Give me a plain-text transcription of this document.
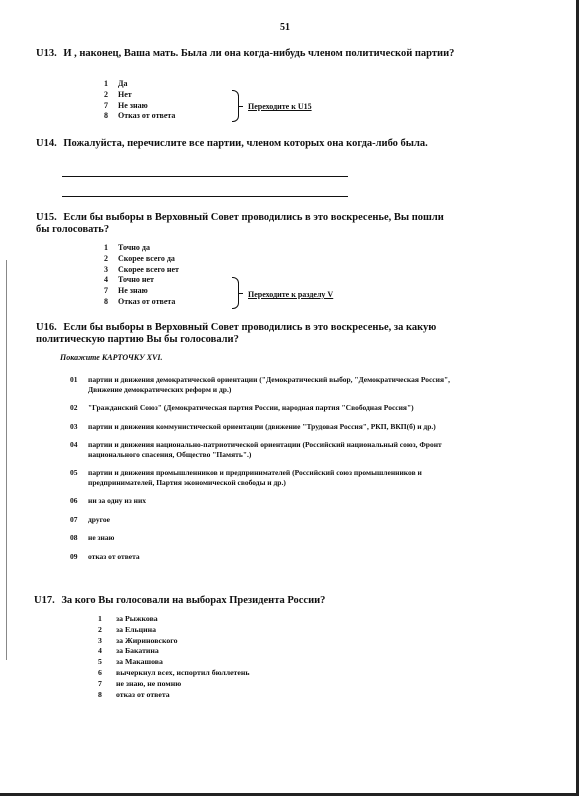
51
U13. И , наконец, Ваша мать. Была ли она когда-нибудь членом политической партии?
1	Да
2	Нет
7	Не знаю
8	Отказ от ответа
Переходите к U15
U14. Пожалуйста, перечислите все партии, членом которых она когда-либо была.
U15. Если бы выборы в Верховный Совет проводились в это воскресенье, Вы пошли бы голосовать?
1	Точно да
2	Скорее всего да
3	Скорее всего нет
4	Точно нет
7	Не знаю
8	Отказ от ответа
Переходите к разделу V
U16. Если бы выборы в Верховный Совет проводились в это воскресенье, за какую политическую партию Вы бы голосовали?
Покажите КАРТОЧКУ XVI.
01	партии и движения демократической ориентации ("Демократический выбор, "Демократическая Россия", Движение демократических реформ и др.)
02	"Гражданский Союз" (Демократическая партия России, народная партия "Свободная Россия")
03	партии и движения коммунистической ориентации (движение "Трудовая Россия", РКП, ВКП(б) и др.)
04	партии и движения национально-патриотической ориентации (Российский национальный союз, Фронт национального спасения, Общество "Память".)
05	партии и движения промышленников и предпринимателей (Российский союз промышленников и предпринимателей, Партия экономической свободы и др.)
06	ни за одну из них
07	другое
08	не знаю
09	отказ от ответа
U17. За кого Вы голосовали на выборах Президента России?
1 за Рыжкова
2 за Ельцина
3 за Жириновского
4 за Бакатина
5 за Макашова
6 вычеркнул всех, испортил бюллетень
7 не знаю, не помню
8 отказ от ответа
